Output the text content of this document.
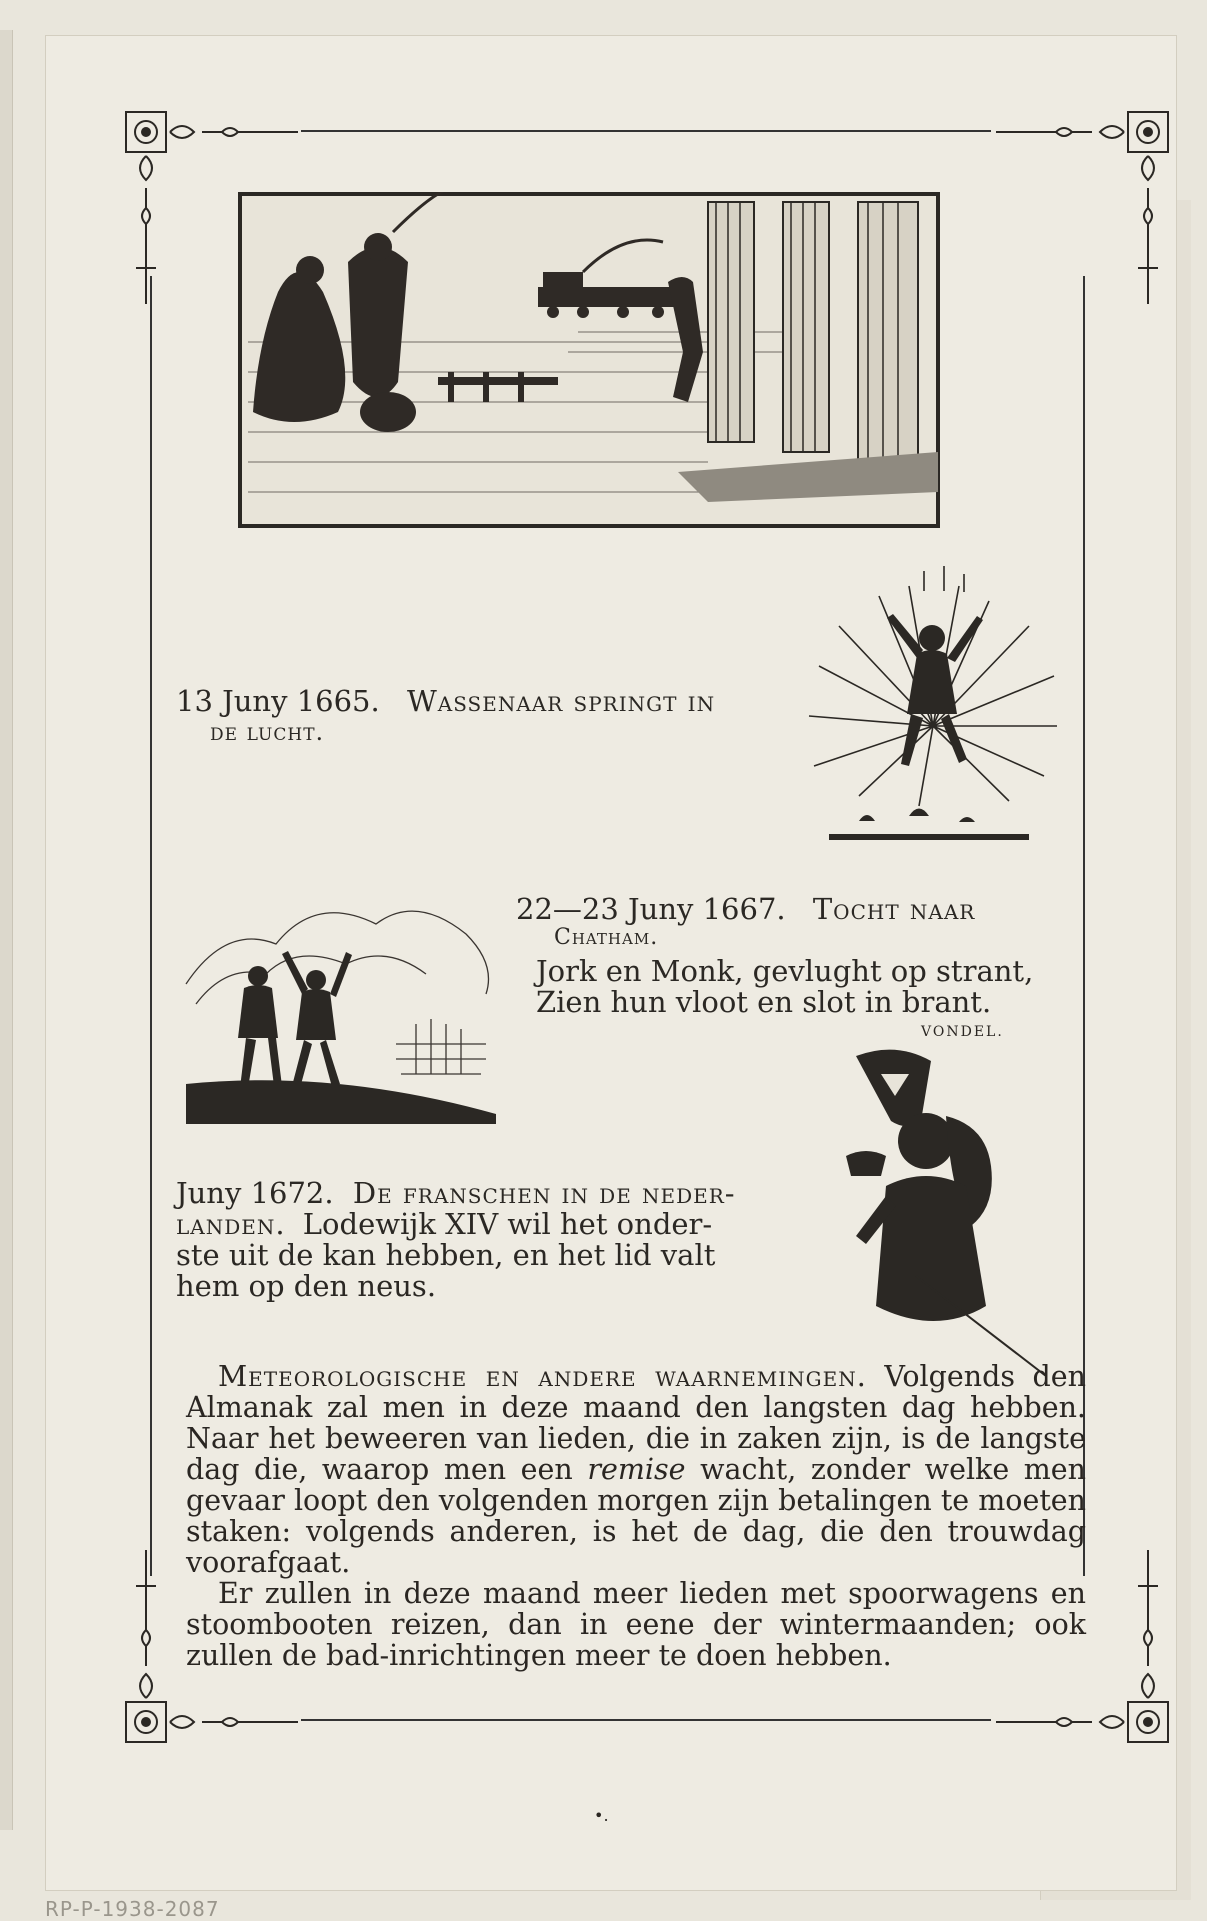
13 Juny 1665. Wassenaar springt in
de lucht.
22—23 Juny 1667. Tocht naar
Chatham.
Jork en Monk, gevlught op strant,
Zien hun vloot en slot in brant.
VONDEL.
Juny 1672. De franschen in de neder-
landen. Lodewijk XIV wil het onder-
ste uit de kan hebben, en het lid valt
hem op den neus.

Meteorologische en andere waarnemingen. Volgends den Almanak zal men in deze maand den langsten dag hebben. Naar het beweeren van lieden, die in zaken zijn, is de langste dag die, waarop men een remise wacht, zonder welke men gevaar loopt den volgenden morgen zijn betalingen te moeten staken: volgends anderen, is het de dag, die den trouwdag voorafgaat.

Er zullen in deze maand meer lieden met spoorwagens en stoombooten reizen, dan in eene der wintermaanden; ook zullen de bad-inrichtingen meer te doen hebben.

•.
RP-P-1938-2087
